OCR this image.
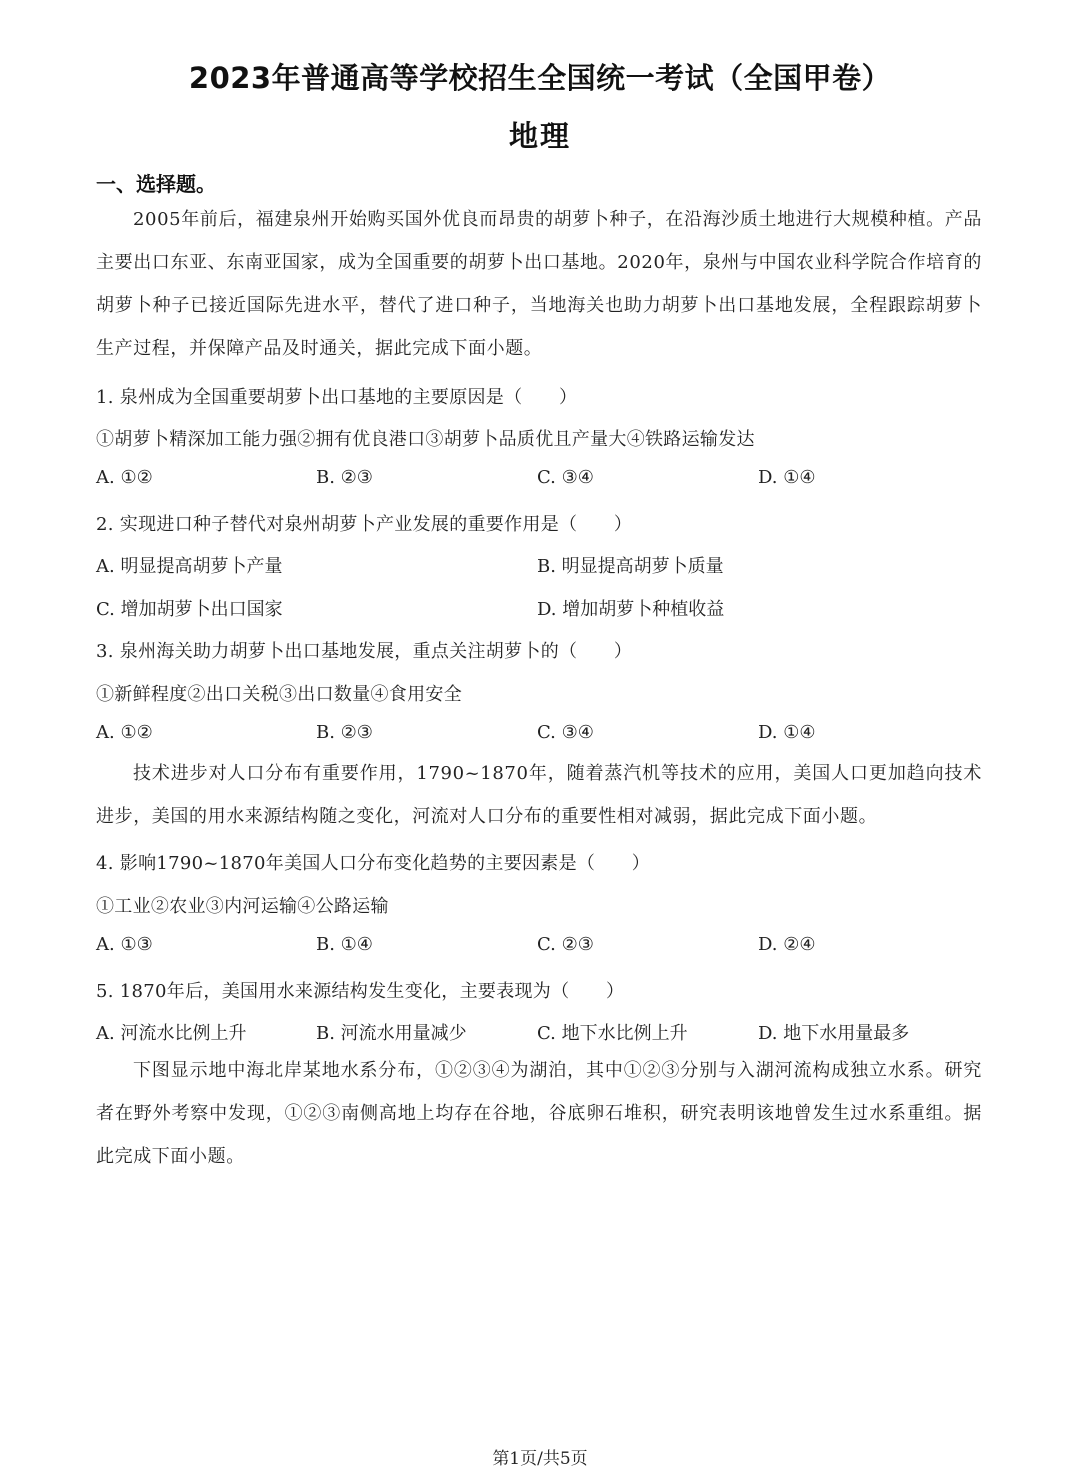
2023年普通高等学校招生全国统一考试（全国甲卷）
地理
一、选择题。
2005年前后，福建泉州开始购买国外优良而昂贵的胡萝卜种子，在沿海沙质土地进行大规模种植。产品主要出口东亚、东南亚国家，成为全国重要的胡萝卜出口基地。2020年，泉州与中国农业科学院合作培育的胡萝卜种子已接近国际先进水平，替代了进口种子，当地海关也助力胡萝卜出口基地发展，全程跟踪胡萝卜生产过程，并保障产品及时通关，据此完成下面小题。
1. 泉州成为全国重要胡萝卜出口基地的主要原因是（　　）
①胡萝卜精深加工能力强②拥有优良港口③胡萝卜品质优且产量大④铁路运输发达
A. ①②	B. ②③	C. ③④	D. ①④
2. 实现进口种子替代对泉州胡萝卜产业发展的重要作用是（　　）
A. 明显提高胡萝卜产量	B. 明显提高胡萝卜质量
C. 增加胡萝卜出口国家	D. 增加胡萝卜种植收益
3. 泉州海关助力胡萝卜出口基地发展，重点关注胡萝卜的（　　）
①新鲜程度②出口关税③出口数量④食用安全
A. ①②	B. ②③	C. ③④	D. ①④
技术进步对人口分布有重要作用，1790~1870年，随着蒸汽机等技术的应用，美国人口更加趋向技术进步，美国的用水来源结构随之变化，河流对人口分布的重要性相对减弱，据此完成下面小题。
4. 影响1790~1870年美国人口分布变化趋势的主要因素是（　　）
①工业②农业③内河运输④公路运输
A. ①③	B. ①④	C. ②③	D. ②④
5. 1870年后，美国用水来源结构发生变化，主要表现为（　　）
A. 河流水比例上升	B. 河流水用量减少	C. 地下水比例上升	D. 地下水用量最多
下图显示地中海北岸某地水系分布，①②③④为湖泊，其中①②③分别与入湖河流构成独立水系。研究者在野外考察中发现，①②③南侧高地上均存在谷地，谷底卵石堆积，研究表明该地曾发生过水系重组。据此完成下面小题。
第1页/共5页
